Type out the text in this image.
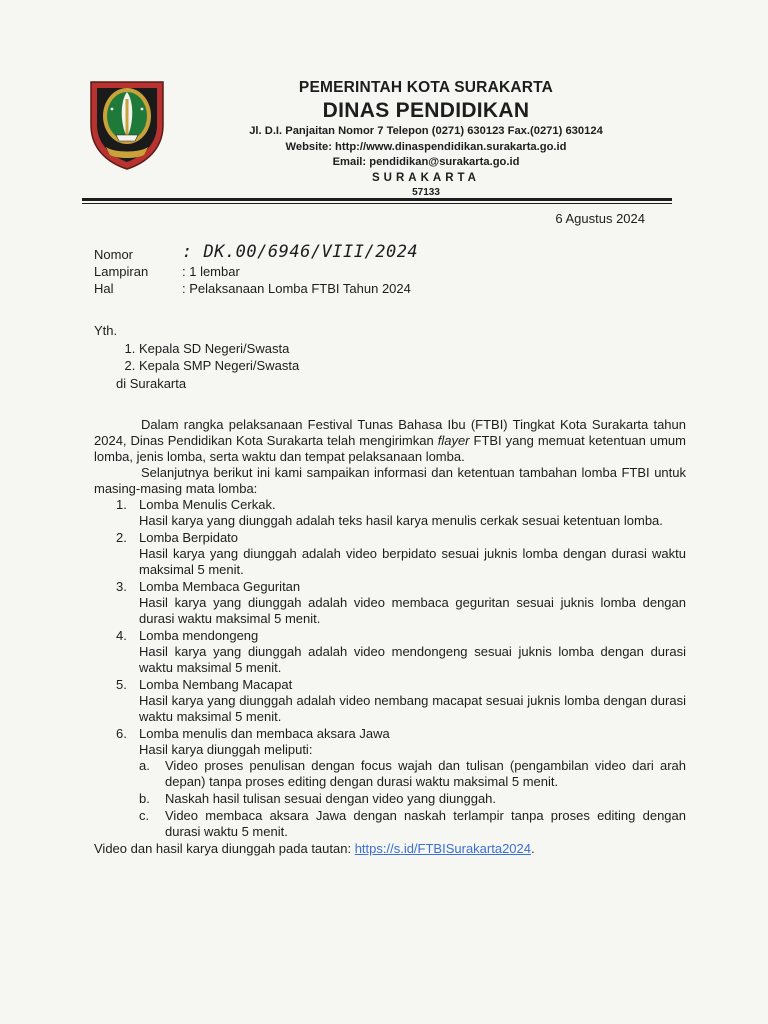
PEMERINTAH KOTA SURAKARTA
DINAS PENDIDIKAN
Jl. D.I. Panjaitan Nomor 7 Telepon (0271) 630123 Fax.(0271) 630124
Website: http://www.dinaspendidikan.surakarta.go.id
Email: pendidikan@surakarta.go.id
SURAKARTA
57133
6 Agustus 2024
Nomor	: DK.00/6946/VIII/2024
Lampiran	: 1 lembar
Hal	: Pelaksanaan Lomba FTBI Tahun 2024
Yth.
1. Kepala SD Negeri/Swasta
2. Kepala SMP Negeri/Swasta
di Surakarta

Dalam rangka pelaksanaan Festival Tunas Bahasa Ibu (FTBI) Tingkat Kota Surakarta tahun 2024, Dinas Pendidikan Kota Surakarta telah mengirimkan flayer FTBI yang memuat ketentuan umum lomba, jenis lomba, serta waktu dan tempat pelaksanaan lomba.

Selanjutnya berikut ini kami sampaikan informasi dan ketentuan tambahan lomba FTBI untuk masing-masing mata lomba:

1. Lomba Menulis Cerkak.
Hasil karya yang diunggah adalah teks hasil karya menulis cerkak sesuai ketentuan lomba.
2. Lomba Berpidato
Hasil karya yang diunggah adalah video berpidato sesuai juknis lomba dengan durasi waktu maksimal 5 menit.
3. Lomba Membaca Geguritan
Hasil karya yang diunggah adalah video membaca geguritan sesuai juknis lomba dengan durasi waktu maksimal 5 menit.
4. Lomba mendongeng
Hasil karya yang diunggah adalah video mendongeng sesuai juknis lomba dengan durasi waktu maksimal 5 menit.
5. Lomba Nembang Macapat
Hasil karya yang diunggah adalah video nembang macapat sesuai juknis lomba dengan durasi waktu maksimal 5 menit.
6. Lomba menulis dan membaca aksara Jawa
Hasil karya diunggah meliputi:
a. Video proses penulisan dengan focus wajah dan tulisan (pengambilan video dari arah depan) tanpa proses editing dengan durasi waktu maksimal 5 menit.
b. Naskah hasil tulisan sesuai dengan video yang diunggah.
c. Video membaca aksara Jawa dengan naskah terlampir tanpa proses editing dengan durasi waktu 5 menit.

Video dan hasil karya diunggah pada tautan: https://s.id/FTBISurakarta2024.
